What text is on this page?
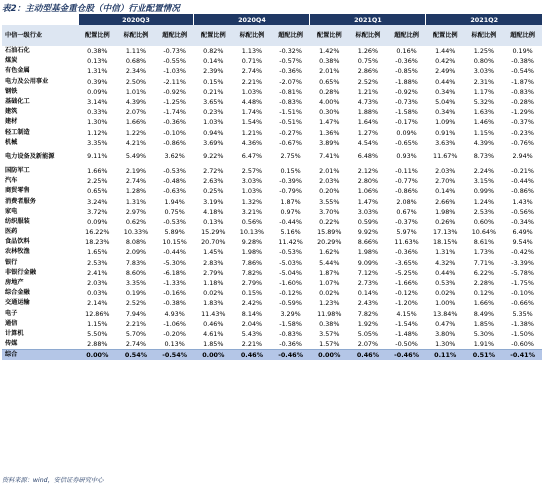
表2：主动型基金重仓股（中信）行业配置情况
	2020Q3			2020Q4			2021Q1			2021Q2		
中信一级行业	配置比例	标配比例	超配比例	配置比例	标配比例	超配比例	配置比例	标配比例	超配比例	配置比例	标配比例	超配比例
石油石化	0.38%	1.11%	-0.73%	0.82%	1.13%	-0.32%	1.42%	1.26%	0.16%	1.44%	1.25%	0.19%
煤炭	0.13%	0.68%	-0.55%	0.14%	0.71%	-0.57%	0.38%	0.75%	-0.36%	0.42%	0.80%	-0.38%
有色金属	1.31%	2.34%	-1.03%	2.39%	2.74%	-0.36%	2.01%	2.86%	-0.85%	2.49%	3.03%	-0.54%
电力及公用事业	0.39%	2.50%	-2.11%	0.15%	2.21%	-2.07%	0.65%	2.52%	-1.88%	0.44%	2.31%	-1.87%
钢铁	0.09%	1.01%	-0.92%	0.21%	1.03%	-0.81%	0.28%	1.21%	-0.92%	0.34%	1.17%	-0.83%
基础化工	3.14%	4.39%	-1.25%	3.65%	4.48%	-0.83%	4.00%	4.73%	-0.73%	5.04%	5.32%	-0.28%
建筑	0.33%	2.07%	-1.74%	0.23%	1.74%	-1.51%	0.30%	1.88%	-1.58%	0.34%	1.63%	-1.29%
建材	1.30%	1.66%	-0.36%	1.03%	1.54%	-0.51%	1.47%	1.64%	-0.17%	1.09%	1.46%	-0.37%
轻工制造	1.12%	1.22%	-0.10%	0.94%	1.21%	-0.27%	1.36%	1.27%	0.09%	0.91%	1.15%	-0.23%
机械	3.35%	4.21%	-0.86%	3.69%	4.36%	-0.67%	3.89%	4.54%	-0.65%	3.63%	4.39%	-0.76%
电力设备及新能源	9.11%	5.49%	3.62%	9.22%	6.47%	2.75%	7.41%	6.48%	0.93%	11.67%	8.73%	2.94%
国防军工	1.66%	2.19%	-0.53%	2.72%	2.57%	0.15%	2.01%	2.12%	-0.11%	2.03%	2.24%	-0.21%
汽车	2.25%	2.74%	-0.48%	2.63%	3.03%	-0.39%	2.03%	2.80%	-0.77%	2.70%	3.15%	-0.44%
商贸零售	0.65%	1.28%	-0.63%	0.25%	1.03%	-0.79%	0.20%	1.06%	-0.86%	0.14%	0.99%	-0.86%
消费者服务	3.24%	1.31%	1.94%	3.19%	1.32%	1.87%	3.55%	1.47%	2.08%	2.66%	1.24%	1.43%
家电	3.72%	2.97%	0.75%	4.18%	3.21%	0.97%	3.70%	3.03%	0.67%	1.98%	2.53%	-0.56%
纺织服装	0.09%	0.62%	-0.53%	0.13%	0.56%	-0.44%	0.22%	0.59%	-0.37%	0.26%	0.60%	-0.34%
医药	16.22%	10.33%	5.89%	15.29%	10.13%	5.16%	15.89%	9.92%	5.97%	17.13%	10.64%	6.49%
食品饮料	18.23%	8.08%	10.15%	20.70%	9.28%	11.42%	20.29%	8.66%	11.63%	18.15%	8.61%	9.54%
农林牧渔	1.65%	2.09%	-0.44%	1.45%	1.98%	-0.53%	1.62%	1.98%	-0.36%	1.31%	1.73%	-0.42%
银行	2.53%	7.83%	-5.30%	2.83%	7.86%	-5.03%	5.44%	9.09%	-3.65%	4.32%	7.71%	-3.39%
非银行金融	2.41%	8.60%	-6.18%	2.79%	7.82%	-5.04%	1.87%	7.12%	-5.25%	0.44%	6.22%	-5.78%
房地产	2.03%	3.35%	-1.33%	1.18%	2.79%	-1.60%	1.07%	2.73%	-1.66%	0.53%	2.28%	-1.75%
综合金融	0.03%	0.19%	-0.16%	0.02%	0.15%	-0.12%	0.02%	0.14%	-0.12%	0.02%	0.12%	-0.10%
交通运输	2.14%	2.52%	-0.38%	1.83%	2.42%	-0.59%	1.23%	2.43%	-1.20%	1.00%	1.66%	-0.66%
电子	12.86%	7.94%	4.93%	11.43%	8.14%	3.29%	11.98%	7.82%	4.15%	13.84%	8.49%	5.35%
通信	1.15%	2.21%	-1.06%	0.46%	2.04%	-1.58%	0.38%	1.92%	-1.54%	0.47%	1.85%	-1.38%
计算机	5.50%	5.70%	-0.20%	4.61%	5.43%	-0.83%	3.57%	5.05%	-1.48%	3.80%	5.30%	-1.50%
传媒	2.88%	2.74%	0.13%	1.85%	2.21%	-0.36%	1.57%	2.07%	-0.50%	1.30%	1.91%	-0.60%
综合	0.00%	0.54%	-0.54%	0.00%	0.46%	-0.46%	0.00%	0.46%	-0.46%	0.11%	0.51%	-0.41%
资料来源：wind，安信证券研究中心
